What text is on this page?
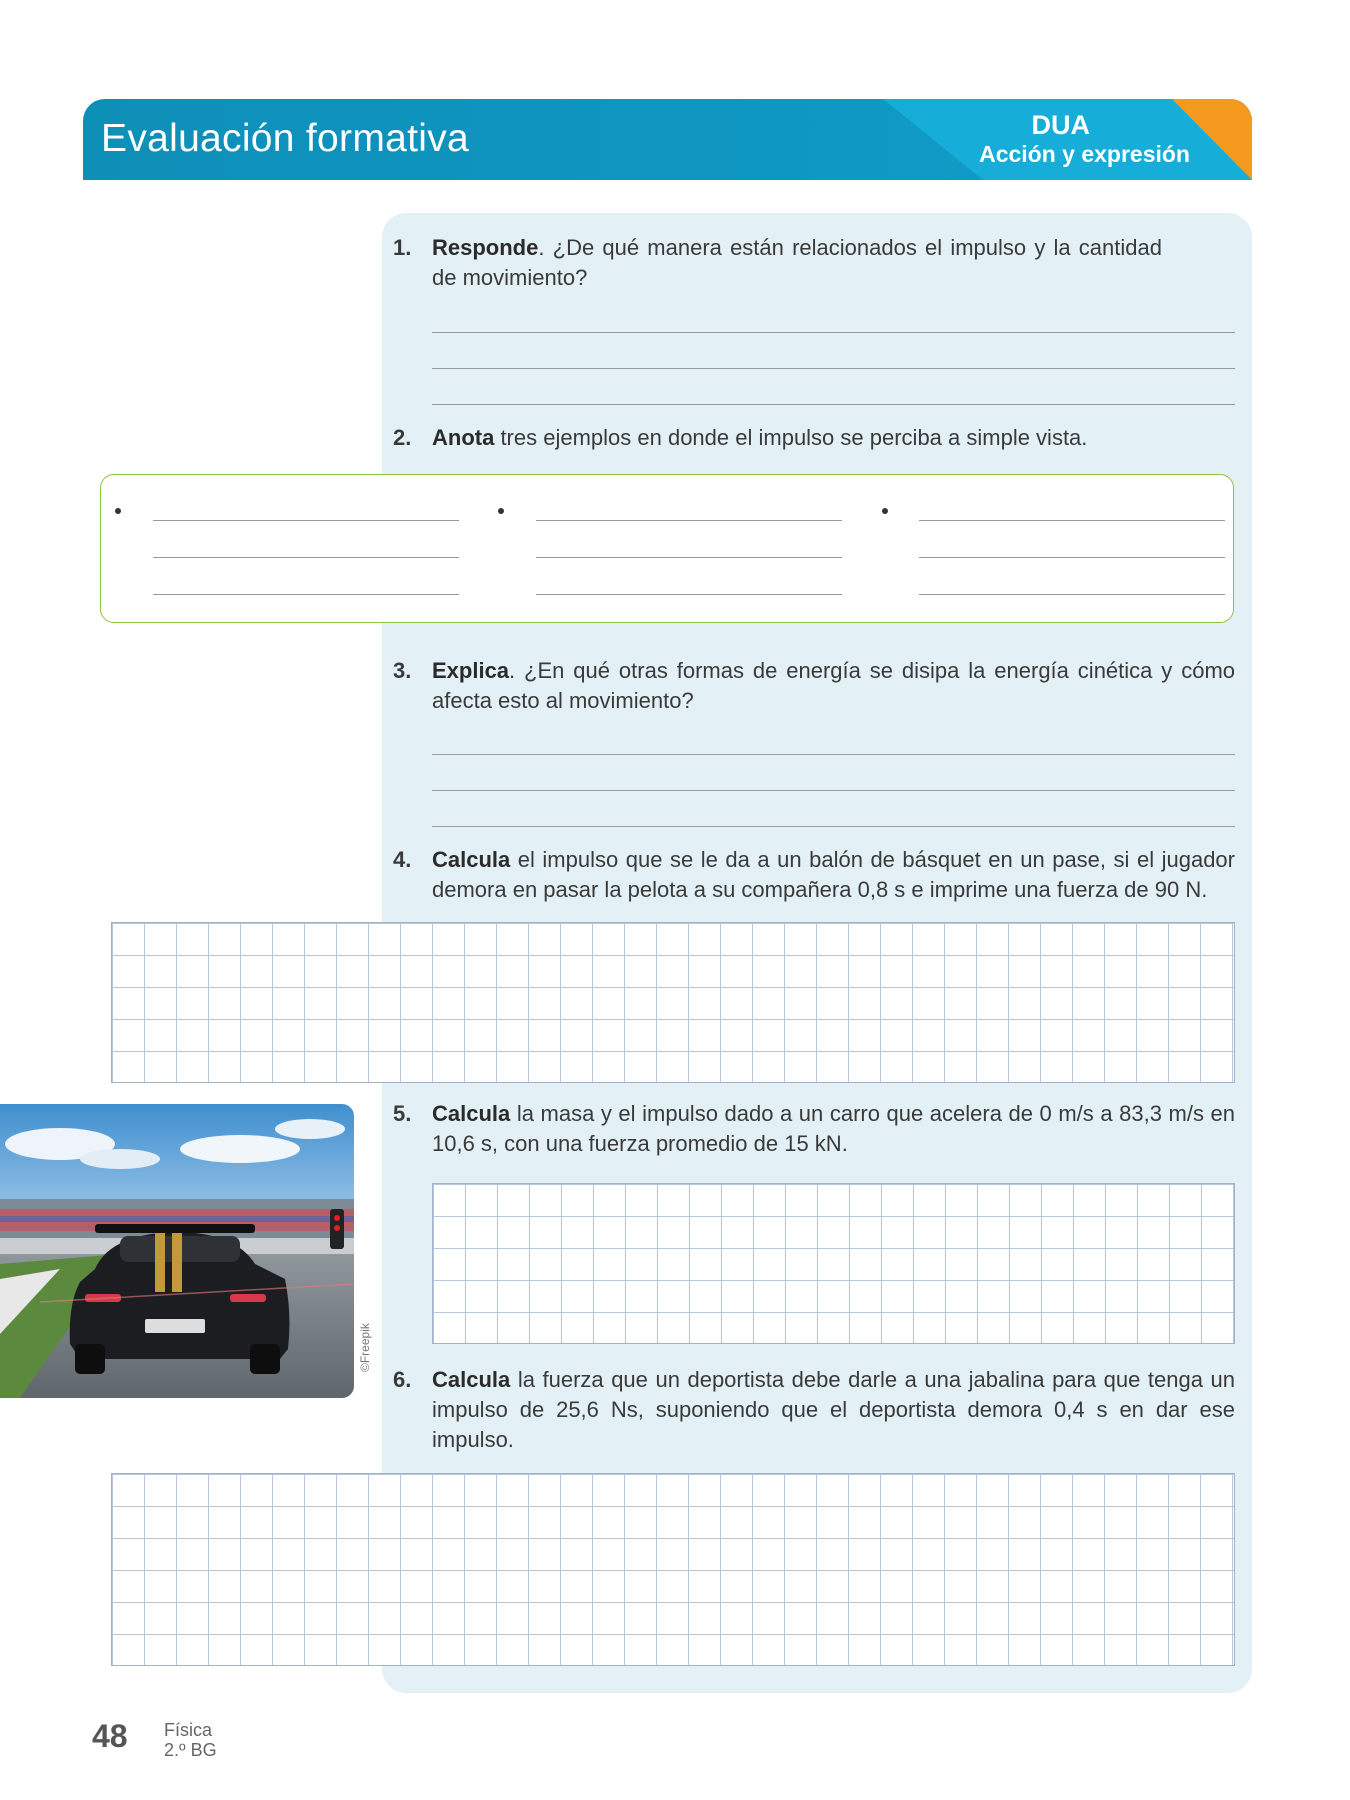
Evaluación formativa	DUA
Acción y expresión
1. Responde. ¿De qué manera están relacionados el impulso y la cantidad de movimiento?
2. Anota tres ejemplos en donde el impulso se perciba a simple vista.
3. Explica. ¿En qué otras formas de energía se disipa la energía cinética y cómo afecta esto al movimiento?
4. Calcula el impulso que se le da a un balón de básquet en un pase, si el jugador demora en pasar la pelota a su compañera 0,8 s e imprime una fuerza de 90 N.
©Freepik
5. Calcula la masa y el impulso dado a un carro que acelera de 0 m/s a 83,3 m/s en 10,6 s, con una fuerza promedio de 15 kN.
6. Calcula la fuerza que un deportista debe darle a una jabalina para que tenga un impulso de 25,6 Ns, suponiendo que el deportista demora 0,4 s en dar ese impulso.
48 Física
2.º BG
